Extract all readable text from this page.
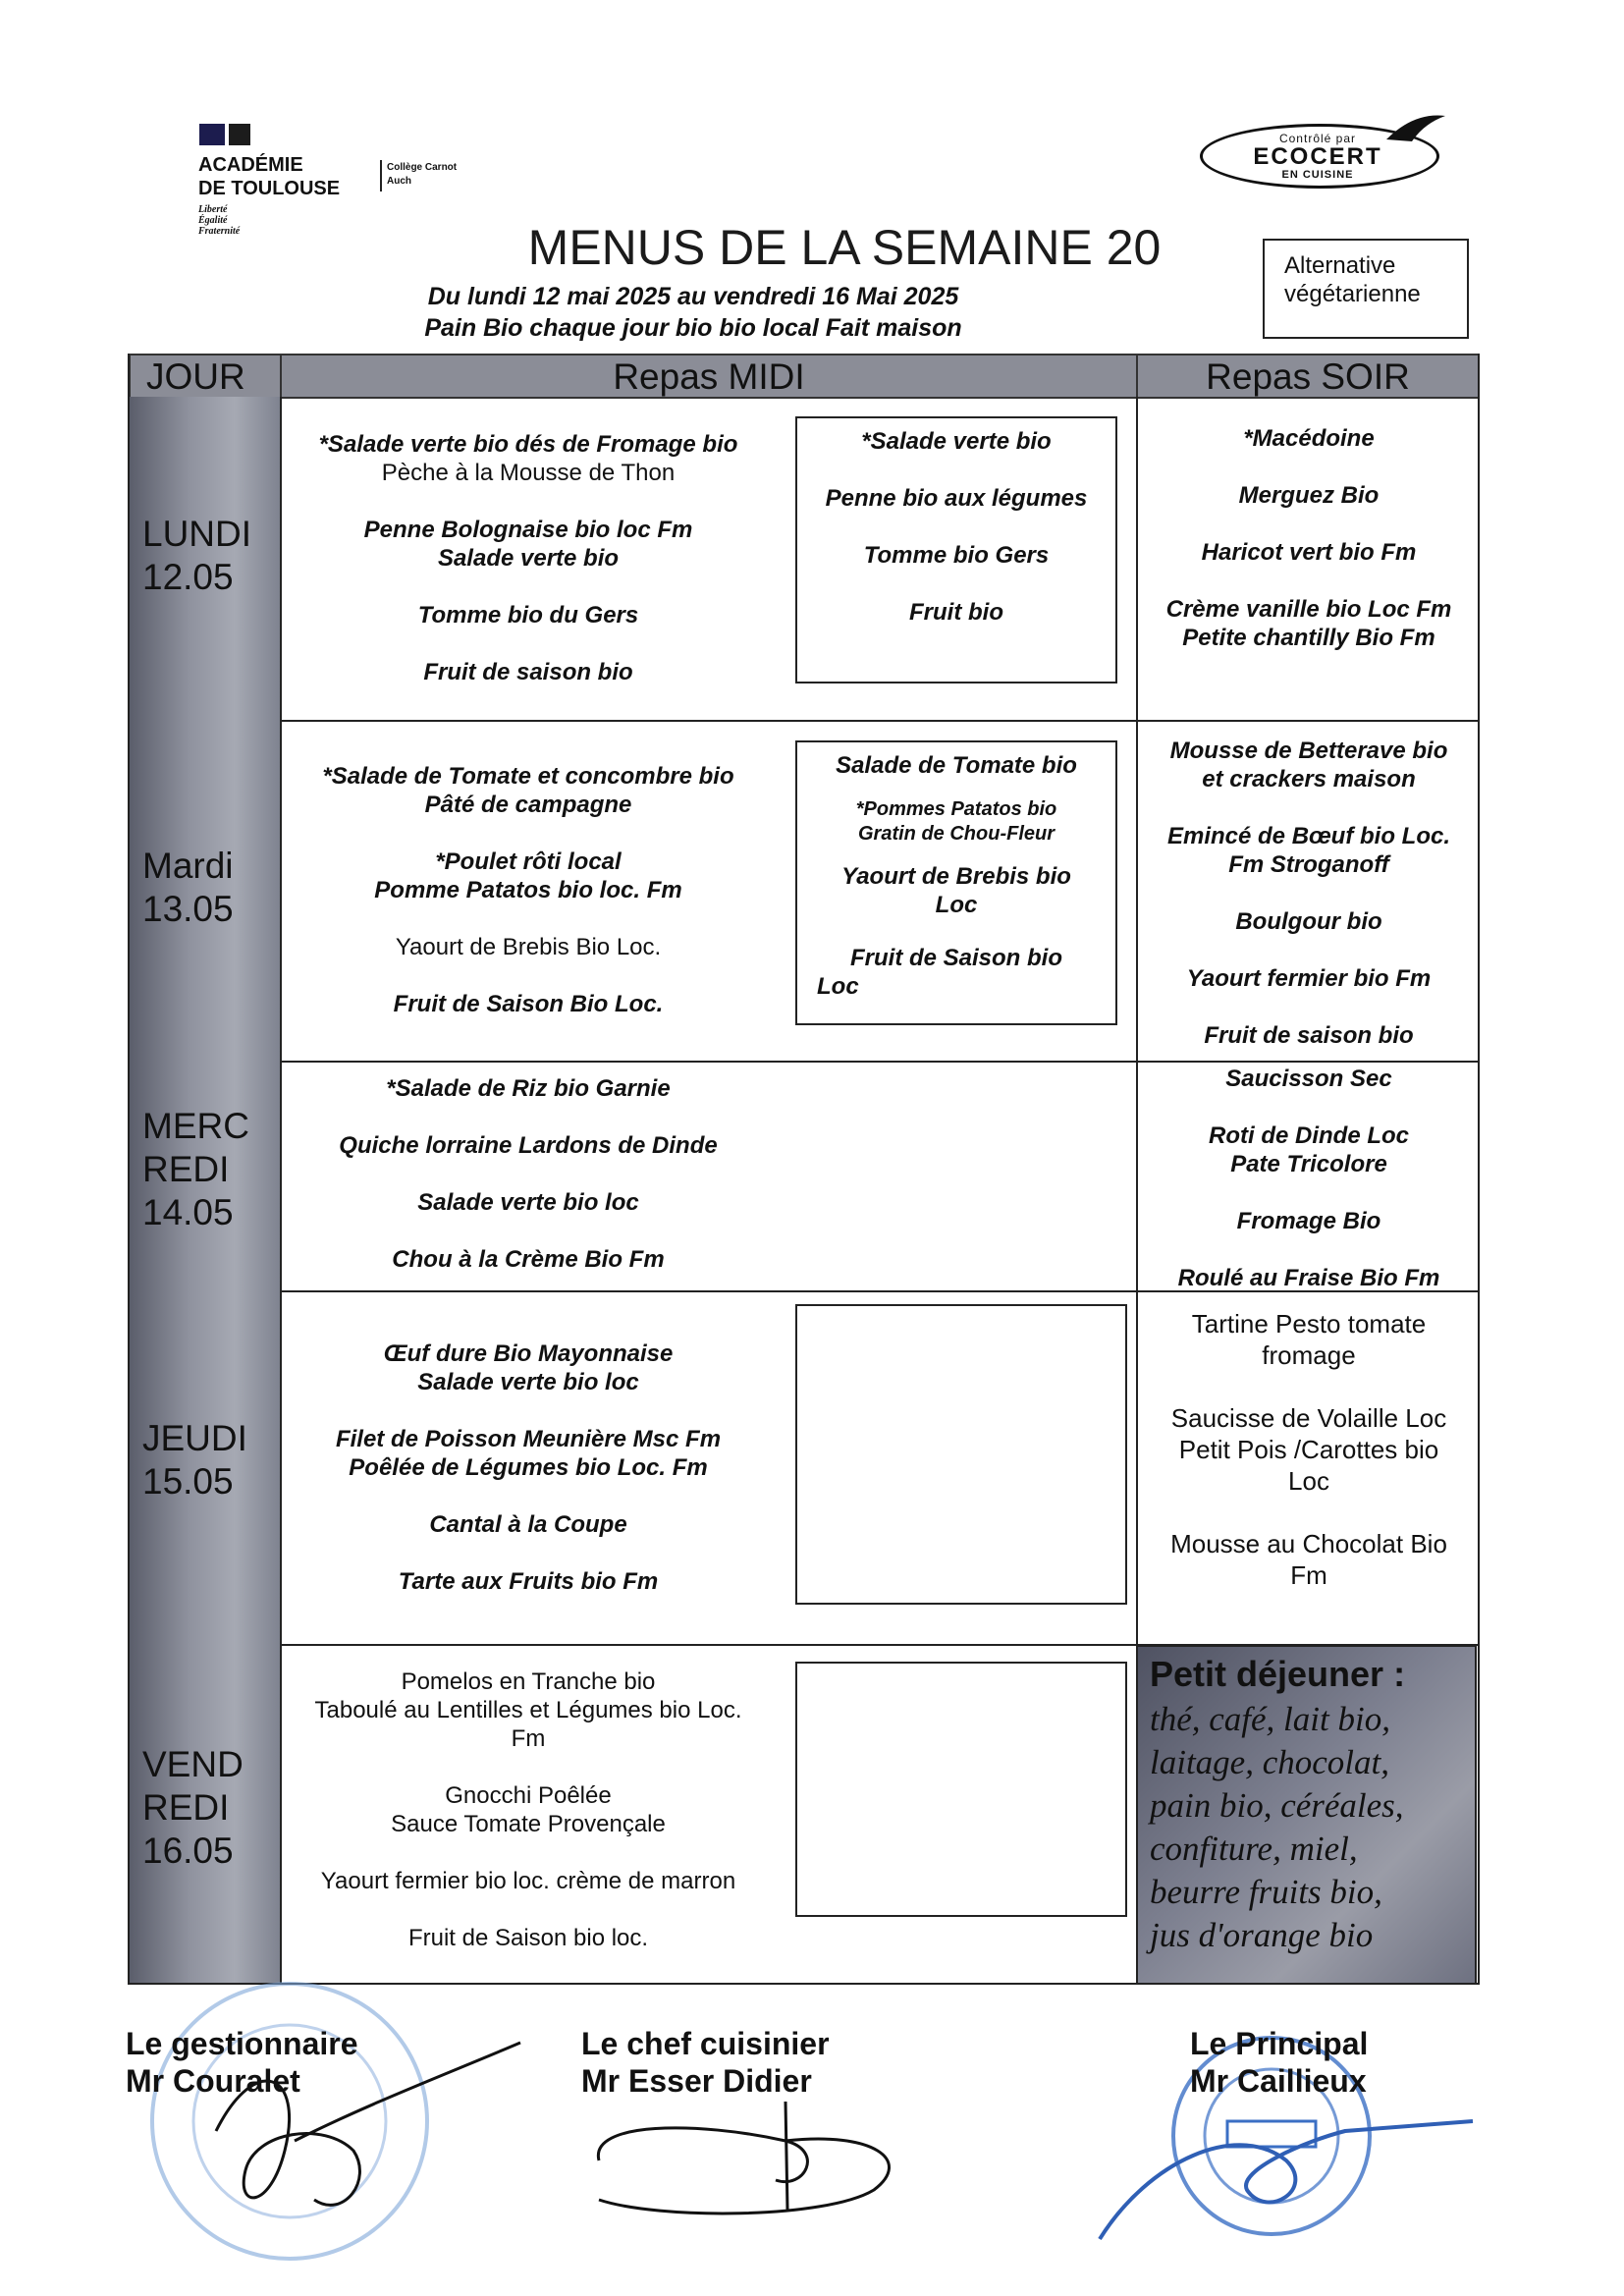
ACADÉMIE
DE TOULOUSE
Liberté
Égalité
Fraternité
Collège Carnot
Auch
Contrôlé par
ECOCERT
EN CUISINE
MENUS DE LA SEMAINE 20
Du lundi 12 mai 2025 au vendredi 16 Mai 2025
Pain Bio chaque jour bio bio local Fait maison
Alternative
végétarienne
JOUR	Repas MIDI	Repas SOIR
LUNDI
12.05
Mardi
13.05
MERC
REDI
14.05
JEUDI
15.05
VEND
REDI
16.05
*Salade verte bio dés de Fromage bio
Pèche à la Mousse de Thon
Penne Bolognaise bio loc Fm
Salade verte bio
Tomme bio du Gers
Fruit de saison bio
*Salade verte bio
Penne bio aux légumes
Tomme bio Gers
Fruit bio
*Macédoine
Merguez Bio
Haricot vert bio Fm
Crème vanille bio Loc Fm
Petite chantilly Bio Fm
*Salade de Tomate et concombre bio
Pâté de campagne
*Poulet rôti local
Pomme Patatos bio loc. Fm
Yaourt de Brebis Bio Loc.
Fruit de Saison Bio Loc.
Salade de Tomate bio
*Pommes Patatos bio
Gratin de Chou-Fleur
Yaourt de Brebis bio
Loc
Fruit de Saison bio
Loc
Mousse de Betterave bio
et crackers maison
Emincé de Bœuf bio Loc.
Fm Stroganoff
Boulgour bio
Yaourt fermier bio Fm
Fruit de saison bio
*Salade de Riz bio Garnie
Quiche lorraine Lardons de Dinde
Salade verte bio loc
Chou à la Crème Bio Fm
Saucisson Sec
Roti de Dinde Loc
Pate Tricolore
Fromage Bio
Roulé au Fraise Bio Fm
Œuf dure Bio Mayonnaise
Salade verte bio loc
Filet de Poisson Meunière Msc Fm
Poêlée de Légumes bio Loc. Fm
Cantal à la Coupe
Tarte aux Fruits bio Fm
Tartine Pesto tomate
fromage
Saucisse de Volaille Loc
Petit Pois /Carottes bio
Loc
Mousse au Chocolat Bio
Fm
Pomelos en Tranche bio
Taboulé au Lentilles et Légumes bio Loc.
Fm
Gnocchi Poêlée
Sauce Tomate Provençale
Yaourt fermier bio loc. crème de marron
Fruit de Saison bio loc.
Petit déjeuner :
thé, café, lait bio,
laitage, chocolat,
pain bio, céréales,
confiture, miel,
beurre fruits bio,
jus d'orange bio
Le gestionnaire
Mr Couralet
Le chef cuisinier
Mr Esser Didier
Le Principal
Mr Caillieux
